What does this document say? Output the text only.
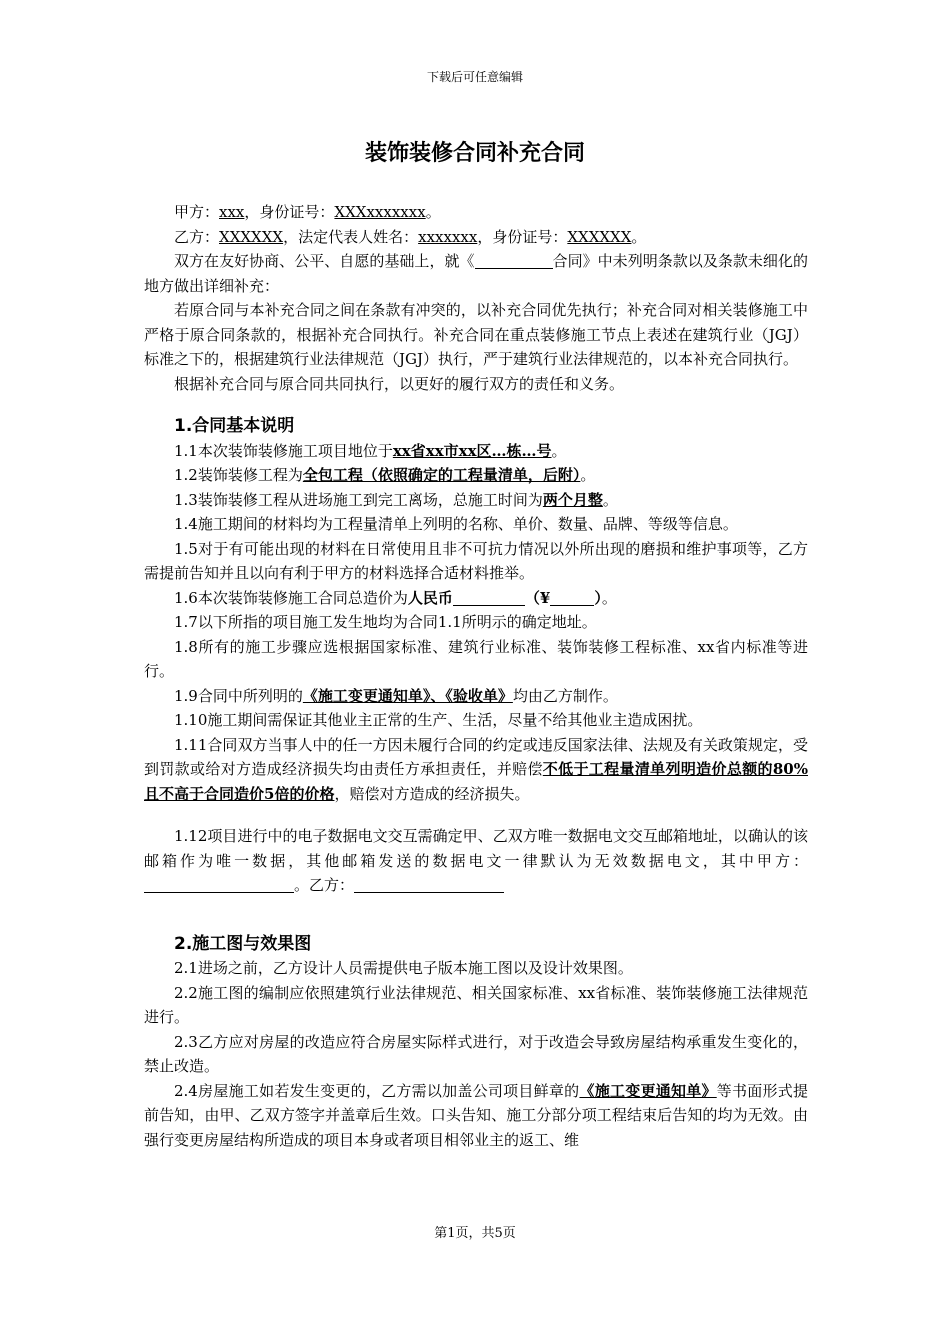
下载后可任意编辑
装饰装修合同补充合同

甲方：xxx，身份证号：XXXxxxxxxx。

乙方：XXXXXX，法定代表人姓名：xxxxxxx，身份证号：XXXXXX。

双方在友好协商、公平、自愿的基础上，就《	合同》中未列明条款以及条款未细化的地方做出详细补充：

若原合同与本补充合同之间在条款有冲突的，以补充合同优先执行；补充合同对相关装修施工中严格于原合同条款的，根据补充合同执行。补充合同在重点装修施工节点上表述在建筑行业（JGJ）标准之下的，根据建筑行业法律规范（JGJ）执行，严于建筑行业法律规范的，以本补充合同执行。

根据补充合同与原合同共同执行，以更好的履行双方的责任和义务。

1.合同基本说明

1.1本次装饰装修施工项目地位于xx省xx市xx区…栋…号。

1.2装饰装修工程为全包工程（依照确定的工程量清单，后附）。

1.3装饰装修工程从进场施工到完工离场，总施工时间为两个月整。

1.4施工期间的材料均为工程量清单上列明的名称、单价、数量、品牌、等级等信息。

1.5对于有可能出现的材料在日常使用且非不可抗力情况以外所出现的磨损和维护事项等，乙方需提前告知并且以向有利于甲方的材料选择合适材料推举。

1.6本次装饰装修施工合同总造价为人民币	（¥	）。

1.7以下所指的项目施工发生地均为合同1.1所明示的确定地址。

1.8所有的施工步骤应选根据国家标准、建筑行业标准、装饰装修工程标准、xx省内标准等进行。

1.9合同中所列明的《施工变更通知单》、《验收单》均由乙方制作。

1.10施工期间需保证其他业主正常的生产、生活，尽量不给其他业主造成困扰。

1.11合同双方当事人中的任一方因未履行合同的约定或违反国家法律、法规及有关政策规定，受到罚款或给对方造成经济损失均由责任方承担责任，并赔偿不低于工程量清单列明造价总额的80%且不高于合同造价5倍的价格，赔偿对方造成的经济损失。

1.12项目进行中的电子数据电文交互需确定甲、乙双方唯一数据电文交互邮箱地址，以确认的该邮箱作为唯一数据，其他邮箱发送的数据电文一律默认为无效数据电文，其中甲方：。乙方：

2.施工图与效果图

2.1进场之前，乙方设计人员需提供电子版本施工图以及设计效果图。

2.2施工图的编制应依照建筑行业法律规范、相关国家标准、xx省标准、装饰装修施工法律规范进行。

2.3乙方应对房屋的改造应符合房屋实际样式进行，对于改造会导致房屋结构承重发生变化的，禁止改造。

2.4房屋施工如若发生变更的，乙方需以加盖公司项目鲜章的《施工变更通知单》等书面形式提前告知，由甲、乙双方签字并盖章后生效。口头告知、施工分部分项工程结束后告知的均为无效。由强行变更房屋结构所造成的项目本身或者项目相邻业主的返工、维

第1页，共5页
